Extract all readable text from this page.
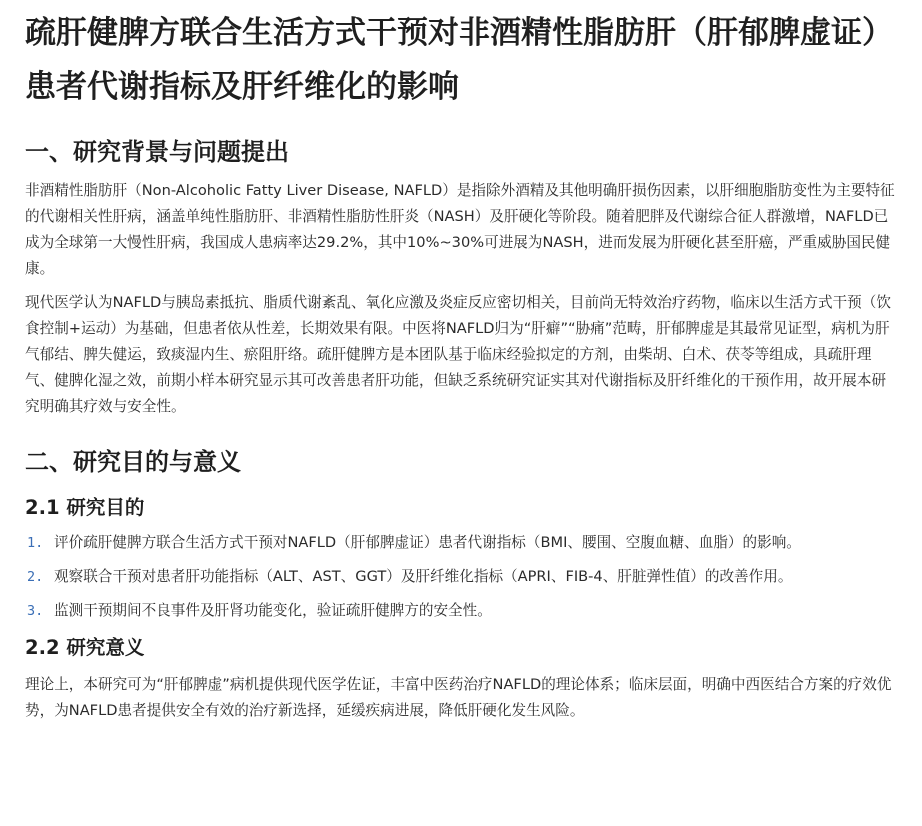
疏肝健脾方联合生活方式干预对非酒精性脂肪肝（肝郁脾虚证）患者代谢指标及肝纤维化的影响
一、研究背景与问题提出

非酒精性脂肪肝（Non-Alcoholic Fatty Liver Disease, NAFLD）是指除外酒精及其他明确肝损伤因素，以肝细胞脂肪变性为主要特征的代谢相关性肝病，涵盖单纯性脂肪肝、非酒精性脂肪性肝炎（NASH）及肝硬化等阶段。随着肥胖及代谢综合征人群激增，NAFLD已成为全球第一大慢性肝病，我国成人患病率达29.2%，其中10%~30%可进展为NASH，进而发展为肝硬化甚至肝癌，严重威胁国民健康。

现代医学认为NAFLD与胰岛素抵抗、脂质代谢紊乱、氧化应激及炎症反应密切相关，目前尚无特效治疗药物，临床以生活方式干预（饮食控制+运动）为基础，但患者依从性差，长期效果有限。中医将NAFLD归为“肝癖”“胁痛”范畴，肝郁脾虚是其最常见证型，病机为肝气郁结、脾失健运，致痰湿内生、瘀阻肝络。疏肝健脾方是本团队基于临床经验拟定的方剂，由柴胡、白术、茯苓等组成，具疏肝理气、健脾化湿之效，前期小样本研究显示其可改善患者肝功能，但缺乏系统研究证实其对代谢指标及肝纤维化的干预作用，故开展本研究明确其疗效与安全性。

二、研究目的与意义
2.1 研究目的
1. 评价疏肝健脾方联合生活方式干预对NAFLD（肝郁脾虚证）患者代谢指标（BMI、腰围、空腹血糖、血脂）的影响。
2. 观察联合干预对患者肝功能指标（ALT、AST、GGT）及肝纤维化指标（APRI、FIB-4、肝脏弹性值）的改善作用。
3. 监测干预期间不良事件及肝肾功能变化，验证疏肝健脾方的安全性。
2.2 研究意义

理论上，本研究可为“肝郁脾虚”病机提供现代医学佐证，丰富中医药治疗NAFLD的理论体系；临床层面，明确中西医结合方案的疗效优势，为NAFLD患者提供安全有效的治疗新选择，延缓疾病进展，降低肝硬化发生风险。
